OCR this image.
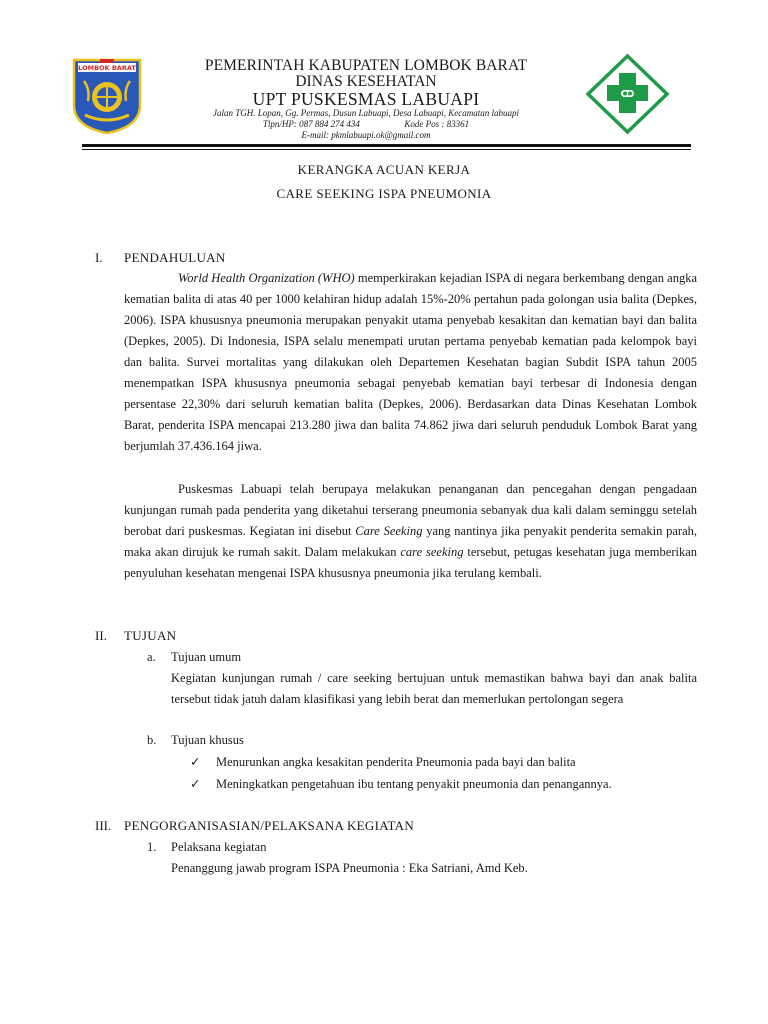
LOMBOK BARAT	PEMERINTAH KABUPATEN LOMBOK BARAT
DINAS KESEHATAN
UPT PUSKESMAS LABUAPI
Jalan TGH. Lopan, Gg. Permas, Dusun Labuapi, Desa Labuapi, Kecamatan labuapi
Tlpn/HP: 087 884 274 434	Kode Pos : 83361
E-mail: pkmlabuapi.ok@gmail.com
KERANGKA ACUAN KERJA
CARE SEEKING ISPA PNEUMONIA
I. PENDAHULUAN
World Health Organization (WHO) memperkirakan kejadian ISPA di negara berkembang dengan angka kematian balita di atas 40 per 1000 kelahiran hidup adalah 15%-20% pertahun pada golongan usia balita (Depkes, 2006). ISPA khususnya pneumonia merupakan penyakit utama penyebab kesakitan dan kematian bayi dan balita (Depkes, 2005). Di Indonesia, ISPA selalu menempati urutan pertama penyebab kematian pada kelompok bayi dan balita. Survei mortalitas yang dilakukan oleh Departemen Kesehatan bagian Subdit ISPA tahun 2005 menempatkan ISPA khususnya pneumonia sebagai penyebab kematian bayi terbesar di Indonesia dengan persentase 22,30% dari seluruh kematian balita (Depkes, 2006). Berdasarkan data Dinas Kesehatan Lombok Barat, penderita ISPA mencapai 213.280 jiwa dan balita 74.862 jiwa dari seluruh penduduk Lombok Barat yang berjumlah 37.436.164 jiwa.
Puskesmas Labuapi telah berupaya melakukan penanganan dan pencegahan dengan pengadaan kunjungan rumah pada penderita yang diketahui terserang pneumonia sebanyak dua kali dalam seminggu setelah berobat dari puskesmas. Kegiatan ini disebut Care Seeking yang nantinya jika penyakit penderita semakin parah, maka akan dirujuk ke rumah sakit. Dalam melakukan care seeking tersebut, petugas kesehatan juga memberikan penyuluhan kesehatan mengenai ISPA khususnya pneumonia jika terulang kembali.
II. TUJUAN
a. Tujuan umum
Kegiatan kunjungan rumah / care seeking bertujuan untuk memastikan bahwa bayi dan anak balita tersebut tidak jatuh dalam klasifikasi yang lebih berat dan memerlukan pertolongan segera
b. Tujuan khusus
✓ Menurunkan angka kesakitan penderita Pneumonia pada bayi dan balita
✓ Meningkatkan pengetahuan ibu tentang penyakit pneumonia dan penangannya.
III. PENGORGANISASIAN/PELAKSANA KEGIATAN
1. Pelaksana kegiatan
Penanggung jawab program ISPA Pneumonia : Eka Satriani, Amd Keb.
